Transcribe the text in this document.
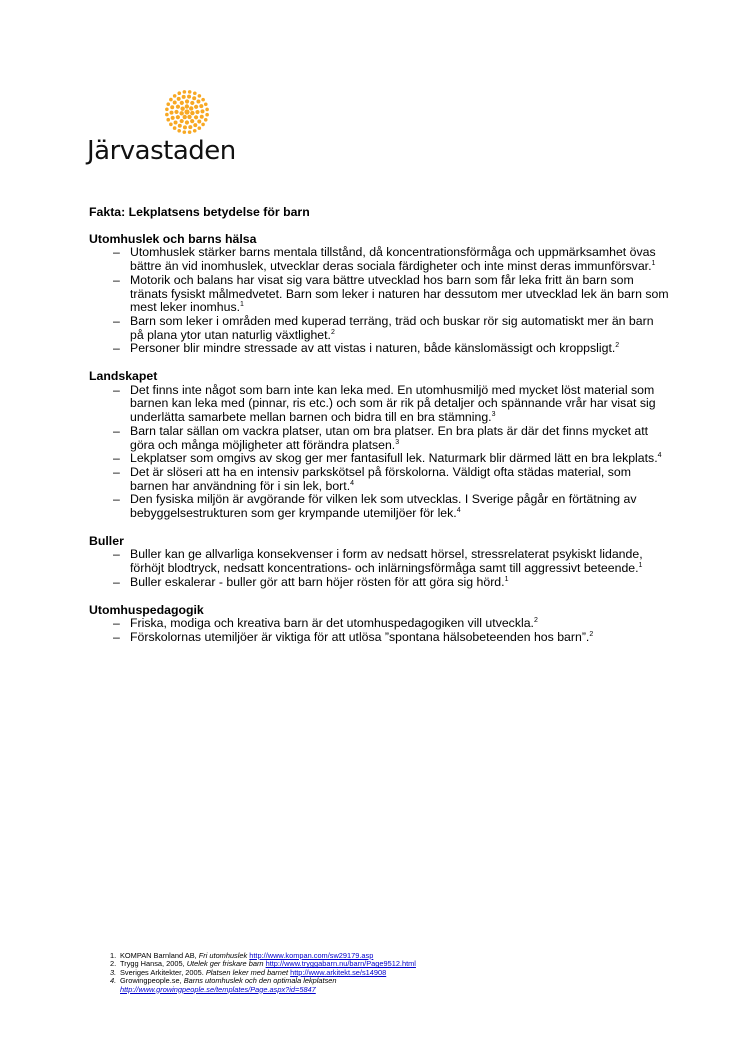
Järvastaden
Fakta: Lekplatsens betydelse för barn
Utomhuslek och barns hälsa
– Utomhuslek stärker barns mentala tillstånd, då koncentrationsförmåga och uppmärksamhet övas bättre än vid inomhuslek, utvecklar deras sociala färdigheter och inte minst deras immunförsvar.$^1$
– Motorik och balans har visat sig vara bättre utvecklad hos barn som får leka fritt än barn som tränats fysiskt målmedvetet. Barn som leker i naturen har dessutom mer utvecklad lek än barn som mest leker inomhus.$^1$
– Barn som leker i områden med kuperad terräng, träd och buskar rör sig automatiskt mer än barn på plana ytor utan naturlig växtlighet.$^2$
– Personer blir mindre stressade av att vistas i naturen, både känslomässigt och kroppsligt.$^2$
Landskapet
– Det finns inte något som barn inte kan leka med. En utomhusmiljö med mycket löst material som barnen kan leka med (pinnar, ris etc.) och som är rik på detaljer och spännande vrår har visat sig underlätta samarbete mellan barnen och bidra till en bra stämning.$^3$
– Barn talar sällan om vackra platser, utan om bra platser. En bra plats är där det finns mycket att göra och många möjligheter att förändra platsen.$^3$
– Lekplatser som omgivs av skog ger mer fantasifull lek. Naturmark blir därmed lätt en bra lekplats.$^4$
– Det är slöseri att ha en intensiv parkskötsel på förskolorna. Väldigt ofta städas material, som barnen har användning för i sin lek, bort.$^4$
– Den fysiska miljön är avgörande för vilken lek som utvecklas. I Sverige pågår en förtätning av bebyggelsestrukturen som ger krympande utemiljöer för lek.$^4$
Buller
– Buller kan ge allvarliga konsekvenser i form av nedsatt hörsel, stressrelaterat psykiskt lidande, förhöjt blodtryck, nedsatt koncentrations- och inlärningsförmåga samt till aggressivt beteende.$^1$
– Buller eskalerar - buller gör att barn höjer rösten för att göra sig hörd.$^1$
Utomhuspedagogik
– Friska, modiga och kreativa barn är det utomhuspedagogiken vill utveckla.$^2$
– Förskolornas utemiljöer är viktiga för att utlösa ”spontana hälsobeteenden hos barn”.$^2$
1. KOMPAN Barnland AB, Fri utomhuslek http://www.kompan.com/sw29179.asp
2. Trygg Hansa, 2005, Utelek ger friskare barn http://www.tryggabarn.nu/barn/Page9512.html
3. Sveriges Arkitekter, 2005. Platsen leker med barnet http://www.arkitekt.se/s14908
4. Growingpeople.se, Barns utomhuslek och den optimala lekplatsen
http://www.growingpeople.se/templates/Page.aspx?id=5847
